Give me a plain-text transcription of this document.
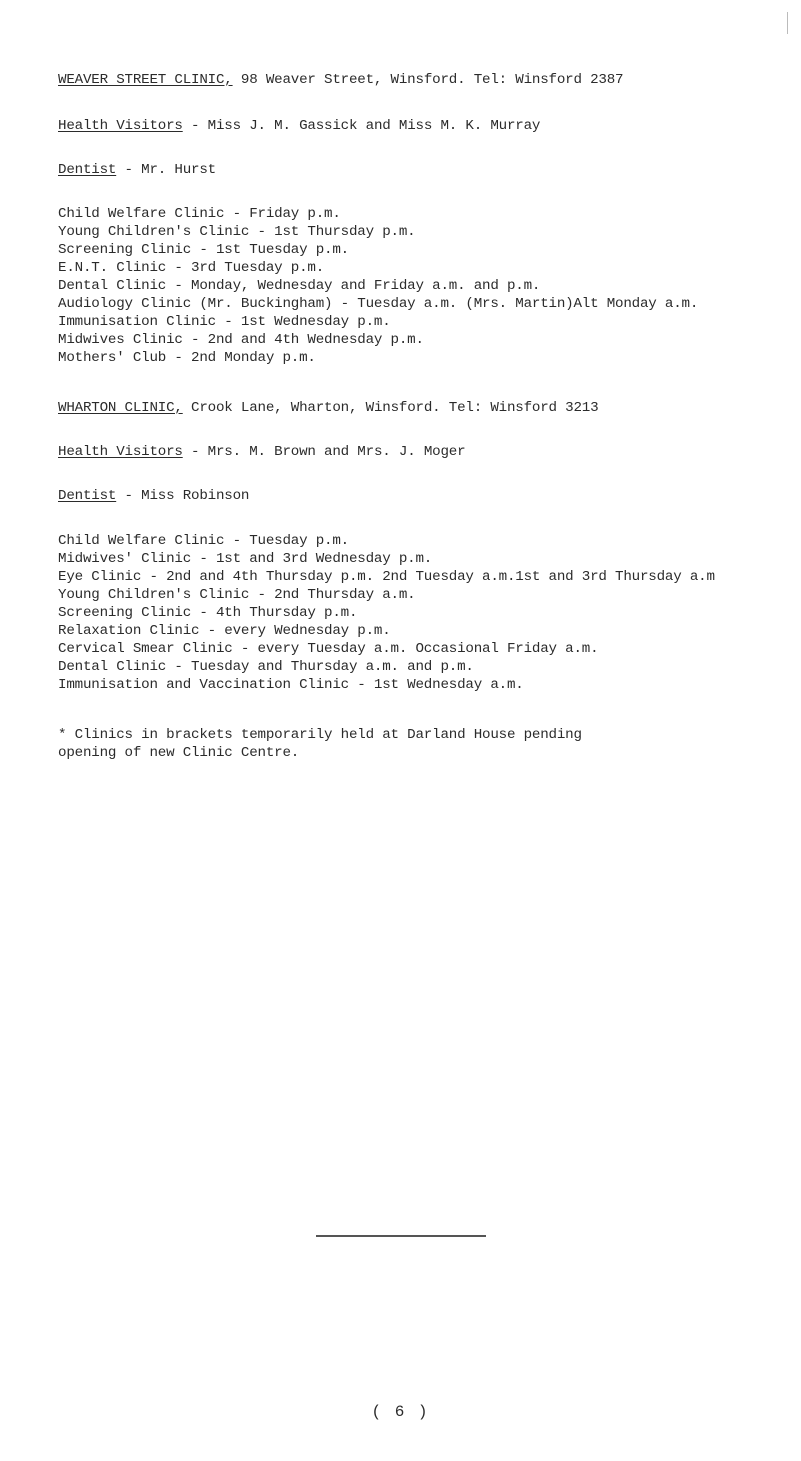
WEAVER STREET CLINIC, 98 Weaver Street, Winsford. Tel: Winsford 2387
Health Visitors - Miss J. M. Gassick and Miss M. K. Murray
Dentist - Mr. Hurst
Child Welfare Clinic - Friday p.m.
Young Children's Clinic - 1st Thursday p.m.
Screening Clinic - 1st Tuesday p.m.
E.N.T. Clinic - 3rd Tuesday p.m.
Dental Clinic - Monday, Wednesday and Friday a.m. and p.m.
Audiology Clinic (Mr. Buckingham) - Tuesday a.m. (Mrs. Martin)Alt Monday a.m.
Immunisation Clinic - 1st Wednesday p.m.
Midwives Clinic - 2nd and 4th Wednesday p.m.
Mothers' Club - 2nd Monday p.m.
WHARTON CLINIC, Crook Lane, Wharton, Winsford. Tel: Winsford 3213
Health Visitors - Mrs. M. Brown and Mrs. J. Moger
Dentist - Miss Robinson
Child Welfare Clinic - Tuesday p.m.
Midwives' Clinic - 1st and 3rd Wednesday p.m.
Eye Clinic - 2nd and 4th Thursday p.m. 2nd Tuesday a.m.1st and 3rd Thursday a.m
Young Children's Clinic - 2nd Thursday a.m.
Screening Clinic - 4th Thursday p.m.
Relaxation Clinic - every Wednesday p.m.
Cervical Smear Clinic - every Tuesday a.m. Occasional Friday a.m.
Dental Clinic - Tuesday and Thursday a.m. and p.m.
Immunisation and Vaccination Clinic - 1st Wednesday a.m.
* Clinics in brackets temporarily held at Darland House pending
opening of new Clinic Centre.
( 6 )
